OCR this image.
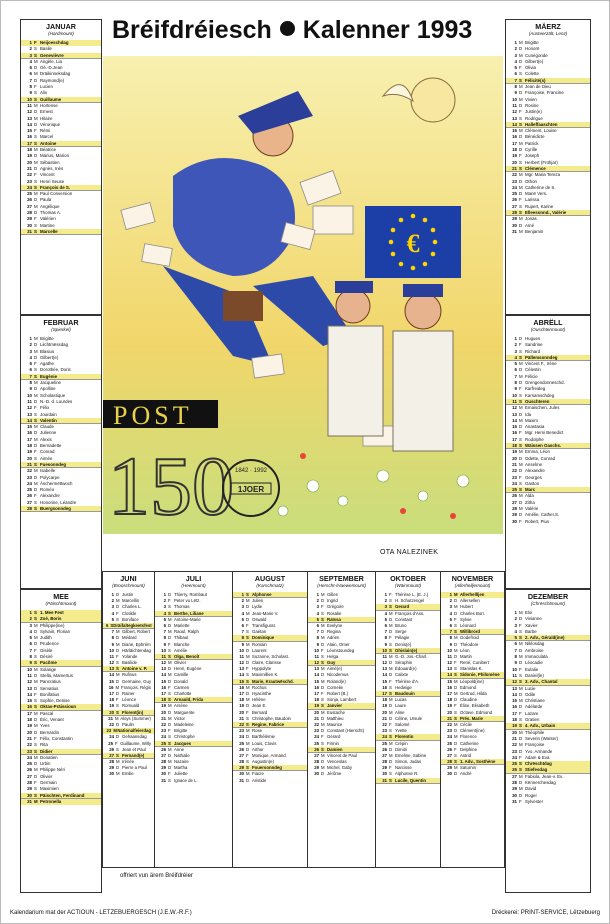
Bréifdréiesch Kalenner 1993
€
POST
150 1842 · 1992
1JOER
OTA NALEZINEK
JANUAR
(Hardmount)
1 F Neijoeschdag
2 S Basile
3 S Genevièvre
4 M Angèle, Lia
5 D Gé.-D.Jean
6 M Dräikinneksdag
7 D Raymond(e)
8 F Lucien
9 S Alix
10 S Guillaume
11 M Hortense
12 D Ernest
13 M Hilaire
14 D Véronique
15 F Rémi
16 S Marcel
17 S Antoine
18 M Béatrice
19 D Marius, Marion
20 M Sébastien
21 D Agnès, Inès
22 F Vincent
23 S Henri Seuse
24 S François de S.
25 M Paul Conversion
26 D Paula
27 M Angélique
28 D Thomas A.
29 F Valérien
30 S Martine
31 S Marcelle
FEBRUAR
(Spierkel)
1 M Brigitte
2 D Liichtmëssdag
3 M Blasius
4 D Gilbert(e)
5 F Agathe
6 S Dorothée, Doris
7 S Eugénie
8 M Jacqueline
9 D Apolline
10 M Scholastique
11 D N.-D. d. Lourdes
12 F Félix
13 S Jourdain
14 S Valentin
15 M Claude
16 D Julienne
17 M Alexis
18 D Bernadette
19 F Conrad
20 S Aimée
21 S Fuesonndeg
22 M Isabelle
23 D Polycarpe
24 M Äschermëttwoch
25 D Roméo
26 F Alexandre
27 S Honorine, Léandre
28 S Buergsonndeg
MEE
(Päischtmount)
1 S 1. Mee Fest
2 S Zoé, Boris
3 M Philippe(ine)
4 D Sylvain, Florian
5 M Judith
6 D Prudence
7 F Gisèle
8 S Désiré
9 S Pacôme
10 M Solange
11 D Stella, Mamertus
12 M Pancratius
13 D Servatius
14 F Bonifatius
15 S Sophie, Denise
16 S Oktav-Präissioun
17 M Pascal
18 D Éric, Venant
19 M Yves
20 D Bernardin
21 F Félix, Constantin
22 S Rita
23 S Didier
24 M Donatien
25 D Urbin
26 M Philippe Néri
27 D Olivier
28 F Germain
29 S Maximien
30 S Päischten, Ferdinand
31 M Petronella
MÄERZ
(Austeerzält, Lenz)
1 M Brigitte
2 D Honorë
3 M Cunégonde
4 D Gilbert(e)
5 F Olivia
6 S Colette
7 S Félicité(s)
8 M Jean de Dieu
9 D Françoise, Francine
10 M Vivien
11 D Rosine
12 F Justin(e)
13 S Rodrigue
14 S Halleffaaschten
15 M Clément, Louise
16 D Bénédicte
17 M Patrick
18 D Cyrille
19 F Joseph
20 S Herbert (Frühjar)
21 S Clémence
22 M Mgr. Maria Tereza
23 D Othon
24 M Catherine de S.
25 D Marië Vers.
26 F Larissa
27 S Rupert, Karine
28 S Elleesonnd., Valérie
29 M Jonas
30 D Amé
31 M Benjamin
ABRËLL
(Ouschtermount)
1 D Hugues
2 F Sandrine
3 S Richard
4 S Pällemsonndeg
5 M Vincent F., Irène
6 D Célestin
7 M Félicie
8 D Grengendonneschd.
9 F Karfreideg
10 S Karsamschdeg
11 S Ouschteren
12 M Emaischen, Jules
13 D Ida
14 M Maxim
15 D Anastasia
16 F Mgr. Hemi Benedict
17 S Rodolphe
18 S Wäissen Oaschs.
19 M Emma, Léon
20 D Odette, Conrad
21 M Anselme
22 D Alexandre
23 F Georges
24 S Gaston
25 S Marc
26 M Alda
27 D Zitha
28 M Valérie
29 D Amélie, Cather.S.
30 F Robert, Pius
DEZEMBER
(Chrëschtmount)
1 M Eloi
2 D Vivianne
3 F Xavier
4 S Barbe
5 S 2. Adv., Gérald(ine)
6 M Niklosdag
7 D Ambroise
8 M Immaculata
9 D Léocadie
10 F Eulalie
11 S Daniel(le)
12 S 3. Adv., Chantal
13 M Lucie
14 D Odile
15 M Christiane
16 D Adélaïde
17 F Lazare
18 S Gratien
19 S 4. Adv., Urbain
20 M Théophile
21 D Severin (Wanter)
22 M Françoise
23 D Yvo, Armande
24 F Adam & Eva
25 S Chrëschtdag
26 S Stiefesdag
27 M Fabiola, Jean-v. Ev.
28 D Kënnerchesdag
29 M David
30 D Roger
31 F Sylvester
JUNI
(Brooschmount)
1 D Justin
2 M Marcellin
3 D Charles L.
4 F Clotilde
5 S Boniface
6 S Dräifaltegkeetsfest
7 M Gilbert, Robert
8 D Médard
9 M Diane, Ephrém
10 D Härläichtendag
11 F Yolande
12 S Basilide
13 S Antoine v. P.
14 M Rufinus
15 D Germaine, Guy
16 M François, Régis
17 D Rainer
18 F Léonce
19 S Romuald
20 S Florent(in)
21 M Aloys (Summer)
22 D Paulin
23 M Nationalfeierdag
24 D Gehaansdag
25 F Guillaume, Willy
26 S Jean et Paul
27 S Fernand(e)
28 M Irénée
29 D Pierre a Paul
30 M Emilie
JULI
(Heemount)
1 D Thierry, Rombaut
2 F Peter vu Lëtz.
3 S Thomas
4 S Berthe, Liliane
5 M Antoine-Marie
6 D Mariette
7 M Raoul, Ralph
8 D Thibaut
9 F Blanche
10 S Amélie
11 S Olga, Benoît
12 M Olivier
13 D Henri, Eugène
14 M Camille
15 D Donald
16 F Carmen
17 S Charlotte
18 S Arnauld, Frida
19 M Arsène
20 D Marguerite
21 M Victor
22 D Madeleine
23 F Brigitte
24 S Christophe
25 S Jacques
26 M Anne
27 D Nathalie
28 M Nazaire
29 D Martha
30 F Juliette
31 S Ignace de L.
AUGUST
(Karschmatz)
1 S Alphonse
2 M Julien
3 D Lydie
4 M Jean-Marie V.
5 D Oswald
6 F Transfigurat.
7 S Gaétan
8 S Dominique
9 M Romain
10 D Laurent
11 M Suzanne, Scholast.
12 D Claire, Clarisse
13 F Hyppolyte
14 S Maximillien K.
15 S Marie, Krautwëschd.
16 M Rochus
17 D Hyacinthe
18 M Hélène
19 D Jean E.
20 F Bernard
21 S Christophe, Baudoin
22 S Regine, Fabrice
23 M Rose
24 D Barthélémie
25 M Louis, Clovis
26 D Arthur
27 F Monique, Armand
28 S Augustin(e)
29 S Fouersonndeg
30 M Fiacre
31 D Aristide
SEPTEMBER
(Herscht-/Haewemount)
1 M Gilles
2 D Ingrid
3 F Grégoire
4 S Rosalie
5 S Raïssa
6 M Evelyne
7 D Regina
8 M Adrien
9 D Alain, Omer
10 F Léonstoundeg
11 S Helga
12 S Guy
13 M Aimé(e)
14 D Nicodemus
15 M Roland(e)
16 D Cornelie
17 F Robert (B.)
18 S Sonja, Lambert
19 S Janvier
20 M Eustache
21 D Matthieu
22 M Maurice
23 D Constant (Hierscht)
24 F Gérard
25 S Firmin
26 S Damien
27 M Vincent de Paul
28 D Venceslas
29 M Michel, Gaby
30 D Jérôme
OKTOBER
(Wäinmount)
1 F Thérèse L. (E. J.)
2 S H. Schutzengel
3 S Gerard
4 M François d'Ass.
5 D Constant
6 M Bruno
7 D Serge
8 F Pélagie
9 S Denis(e)
10 S Ghislain(e)
11 M G.-D. Jos.-Charl.
12 D Séraphin
13 M Édouard(e)
14 D Calixte
15 F Thérèse d'A.
16 S Hedwige
17 S Baudouin
18 M Lucas
19 D Laure
20 M Aline
21 D Céline, Ursule
22 F Salomé
23 S Yvette
24 S Florentin
25 M Crépin
26 D Dimitri
27 M Emeline, Sabine
28 D Simon, Judas
29 F Narcisse
30 S Alphonse R.
31 S Lucile, Quentin
NOVEMBER
(Allerhelljemount)
1 M Allerhellljen
2 D Allersellen
3 M Hubert
4 D Charles Borr.
5 F Sylvie
6 S Léonard
7 S Willibrord
8 M Godefroid
9 D Théodore
10 M Léon
11 D Martin
12 F René, Cunibert
13 S Stanislas K.
14 S Sidonie, Philomène
15 M Léopold(ine)
16 D Edmond
17 M Gertrud, Hilda
18 D Claudine
19 F Élise, Elisabeth
20 S Octave, Edmond
21 S Prés. Marie
22 M Cécile
23 D Clément(ine)
24 M Florence
25 D Catherine
26 F Delphine
27 S Astrid
28 S 1. Adv., Sosthène
29 M Saturnin
30 D André
offriert vun ärem Bréifdréier
Kalendarium mat der ACTIOUN - LETZEBUERGESCH (J.E.W.-R.F.)	Dréckerei: PRINT-SERVICE, Lëtzebuerg
